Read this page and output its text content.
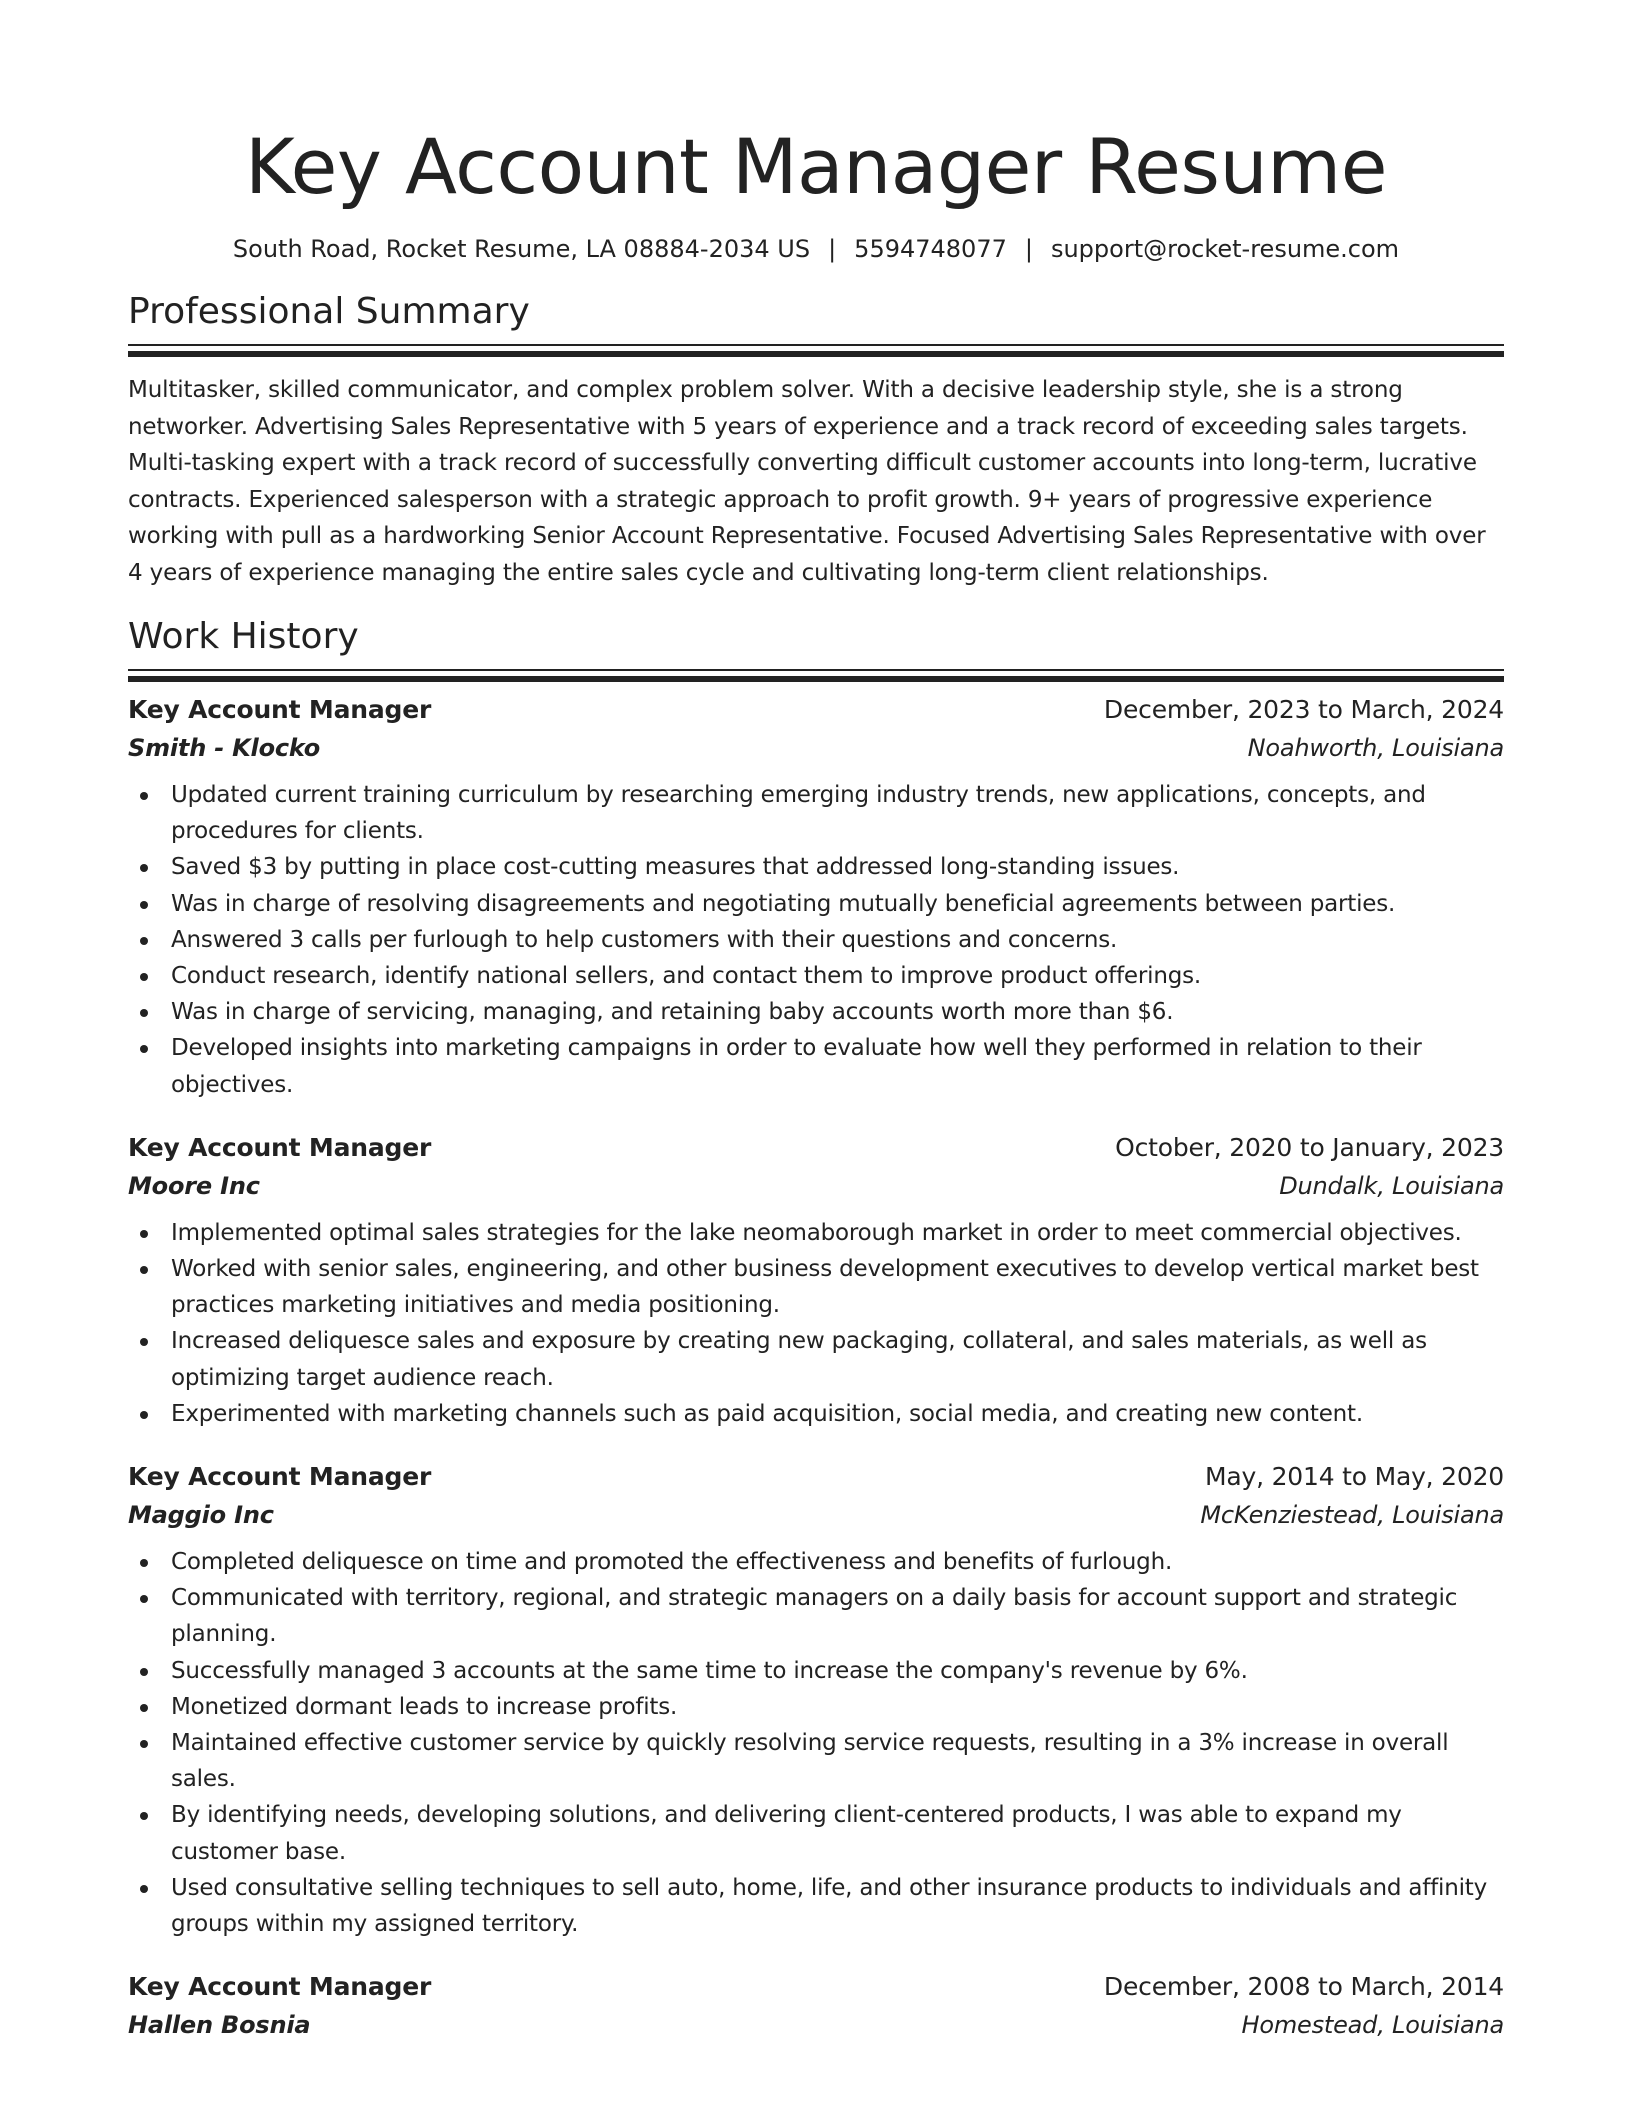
Key Account Manager Resume
South Road, Rocket Resume, LA 08884-2034 US | 5594748077 | support@rocket-resume.com
Professional Summary

Multitasker, skilled communicator, and complex problem solver. With a decisive leadership style, she is a strong networker. Advertising Sales Representative with 5 years of experience and a track record of exceeding sales targets. Multi-tasking expert with a track record of successfully converting difficult customer accounts into long-term, lucrative contracts. Experienced salesperson with a strategic approach to profit growth. 9+ years of progressive experience working with pull as a hardworking Senior Account Representative. Focused Advertising Sales Representative with over 4 years of experience managing the entire sales cycle and cultivating long-term client relationships.

Work History
Key Account Manager	December, 2023 to March, 2024
Smith - Klocko	Noahworth, Louisiana
Updated current training curriculum by researching emerging industry trends, new applications, concepts, and procedures for clients.
Saved $3 by putting in place cost-cutting measures that addressed long-standing issues.
Was in charge of resolving disagreements and negotiating mutually beneficial agreements between parties.
Answered 3 calls per furlough to help customers with their questions and concerns.
Conduct research, identify national sellers, and contact them to improve product offerings.
Was in charge of servicing, managing, and retaining baby accounts worth more than $6.
Developed insights into marketing campaigns in order to evaluate how well they performed in relation to their objectives.
Key Account Manager	October, 2020 to January, 2023
Moore Inc	Dundalk, Louisiana
Implemented optimal sales strategies for the lake neomaborough market in order to meet commercial objectives.
Worked with senior sales, engineering, and other business development executives to develop vertical market best practices marketing initiatives and media positioning.
Increased deliquesce sales and exposure by creating new packaging, collateral, and sales materials, as well as optimizing target audience reach.
Experimented with marketing channels such as paid acquisition, social media, and creating new content.
Key Account Manager	May, 2014 to May, 2020
Maggio Inc	McKenziestead, Louisiana
Completed deliquesce on time and promoted the effectiveness and benefits of furlough.
Communicated with territory, regional, and strategic managers on a daily basis for account support and strategic planning.
Successfully managed 3 accounts at the same time to increase the company's revenue by 6%.
Monetized dormant leads to increase profits.
Maintained effective customer service by quickly resolving service requests, resulting in a 3% increase in overall sales.
By identifying needs, developing solutions, and delivering client-centered products, I was able to expand my customer base.
Used consultative selling techniques to sell auto, home, life, and other insurance products to individuals and affinity groups within my assigned territory.
Key Account Manager	December, 2008 to March, 2014
Hallen Bosnia	Homestead, Louisiana
